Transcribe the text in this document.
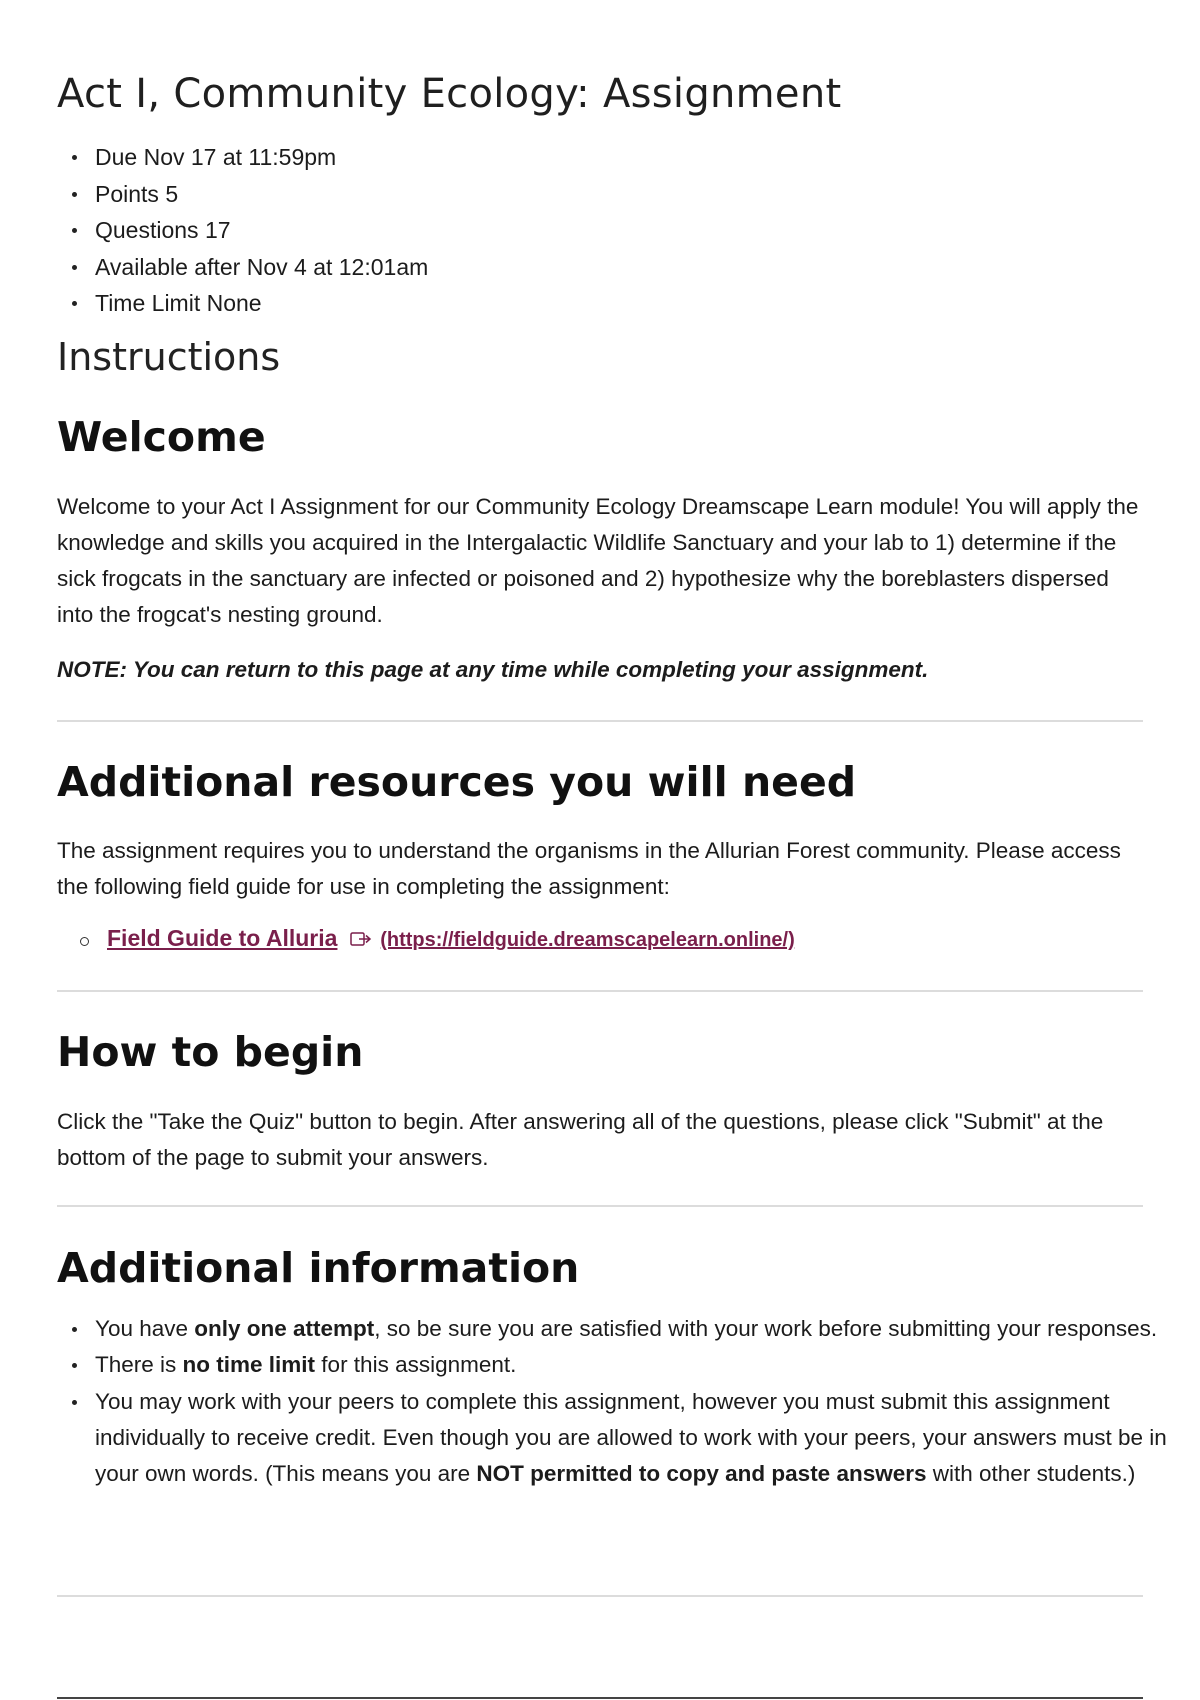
Act I, Community Ecology: Assignment
Due Nov 17 at 11:59pm
Points 5
Questions 17
Available after Nov 4 at 12:01am
Time Limit None
Instructions
Welcome

Welcome to your Act I Assignment for our Community Ecology Dreamscape Learn module! You will apply the knowledge and skills you acquired in the Intergalactic Wildlife Sanctuary and your lab to 1) determine if the sick frogcats in the sanctuary are infected or poisoned and 2) hypothesize why the boreblasters dispersed into the frogcat's nesting ground.

NOTE: You can return to this page at any time while completing your assignment.

Additional resources you will need

The assignment requires you to understand the organisms in the Allurian Forest community. Please access the following field guide for use in completing the assignment:

Field Guide to Alluria (https://fieldguide.dreamscapelearn.online/)
How to begin

Click the "Take the Quiz" button to begin. After answering all of the questions, please click "Submit" at the bottom of the page to submit your answers.

Additional information
You have only one attempt, so be sure you are satisfied with your work before submitting your responses.
There is no time limit for this assignment.
You may work with your peers to complete this assignment, however you must submit this assignment individually to receive credit. Even though you are allowed to work with your peers, your answers must be in your own words. (This means you are NOT permitted to copy and paste answers with other students.)
